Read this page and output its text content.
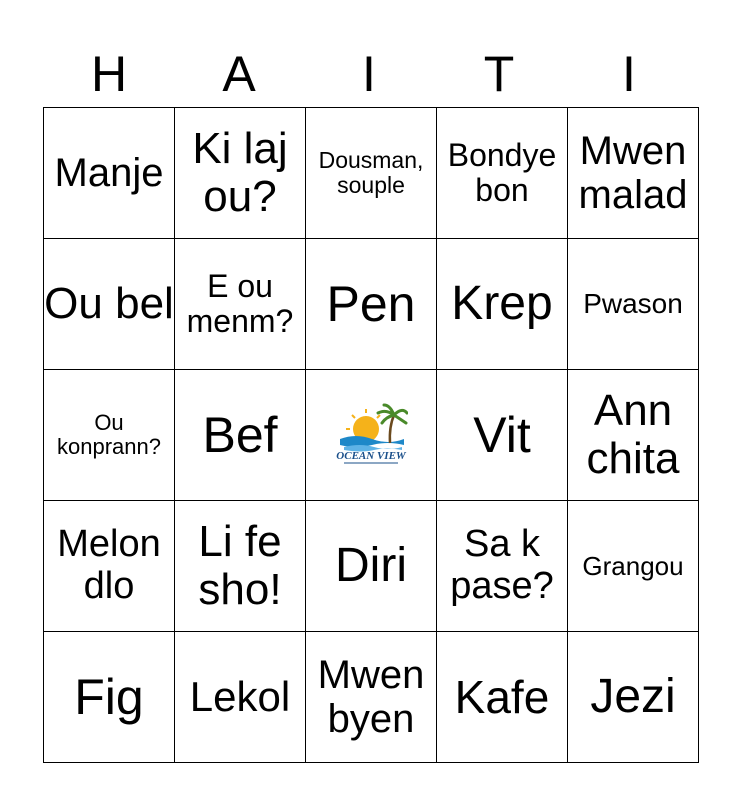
H	A	I	T	I
Manje	Ki laj ou?	Dousman, souple	Bondye bon	Mwen malad
Ou bel	E ou menm?	Pen	Krep	Pwason
Ou konprann?	Bef	OCEAN VIEW	Vit	Ann chita
Melon dlo	Li fe sho!	Diri	Sa k pase?	Grangou
Fig	Lekol	Mwen byen	Kafe	Jezi
